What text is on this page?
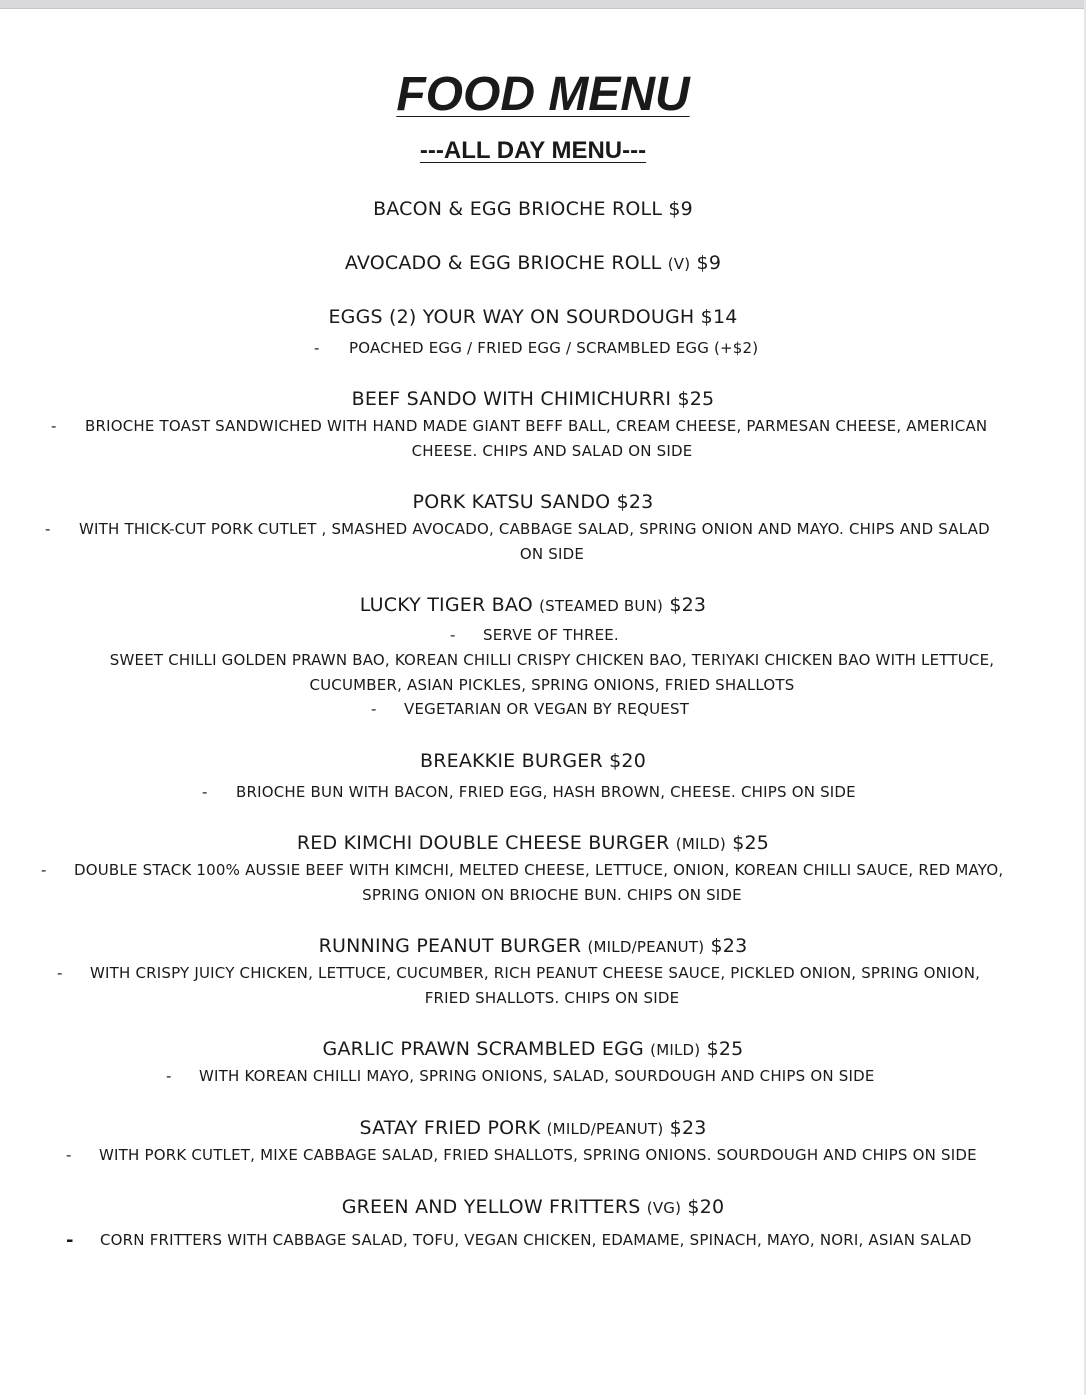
FOOD MENU
---ALL DAY MENU---
BACON & EGG BRIOCHE ROLL $9
AVOCADO & EGG BRIOCHE ROLL (V) $9
EGGS (2) YOUR WAY ON SOURDOUGH $14
- POACHED EGG / FRIED EGG / SCRAMBLED EGG (+$2)
BEEF SANDO WITH CHIMICHURRI $25
- BRIOCHE TOAST SANDWICHED WITH HAND MADE GIANT BEFF BALL, CREAM CHEESE, PARMESAN CHEESE, AMERICAN
CHEESE. CHIPS AND SALAD ON SIDE
PORK KATSU SANDO $23
- WITH THICK-CUT PORK CUTLET , SMASHED AVOCADO, CABBAGE SALAD, SPRING ONION AND MAYO. CHIPS AND SALAD
ON SIDE
LUCKY TIGER BAO (STEAMED BUN) $23
- SERVE OF THREE.
SWEET CHILLI GOLDEN PRAWN BAO, KOREAN CHILLI CRISPY CHICKEN BAO, TERIYAKI CHICKEN BAO WITH LETTUCE,
CUCUMBER, ASIAN PICKLES, SPRING ONIONS, FRIED SHALLOTS
- VEGETARIAN OR VEGAN BY REQUEST
BREAKKIE BURGER $20
- BRIOCHE BUN WITH BACON, FRIED EGG, HASH BROWN, CHEESE. CHIPS ON SIDE
RED KIMCHI DOUBLE CHEESE BURGER (MILD) $25
- DOUBLE STACK 100% AUSSIE BEEF WITH KIMCHI, MELTED CHEESE, LETTUCE, ONION, KOREAN CHILLI SAUCE, RED MAYO,
SPRING ONION ON BRIOCHE BUN. CHIPS ON SIDE
RUNNING PEANUT BURGER (MILD/PEANUT) $23
- WITH CRISPY JUICY CHICKEN, LETTUCE, CUCUMBER, RICH PEANUT CHEESE SAUCE, PICKLED ONION, SPRING ONION,
FRIED SHALLOTS. CHIPS ON SIDE
GARLIC PRAWN SCRAMBLED EGG (MILD) $25
- WITH KOREAN CHILLI MAYO, SPRING ONIONS, SALAD, SOURDOUGH AND CHIPS ON SIDE
SATAY FRIED PORK (MILD/PEANUT) $23
- WITH PORK CUTLET, MIXE CABBAGE SALAD, FRIED SHALLOTS, SPRING ONIONS. SOURDOUGH AND CHIPS ON SIDE
GREEN AND YELLOW FRITTERS (VG) $20
- CORN FRITTERS WITH CABBAGE SALAD, TOFU, VEGAN CHICKEN, EDAMAME, SPINACH, MAYO, NORI, ASIAN SALAD
